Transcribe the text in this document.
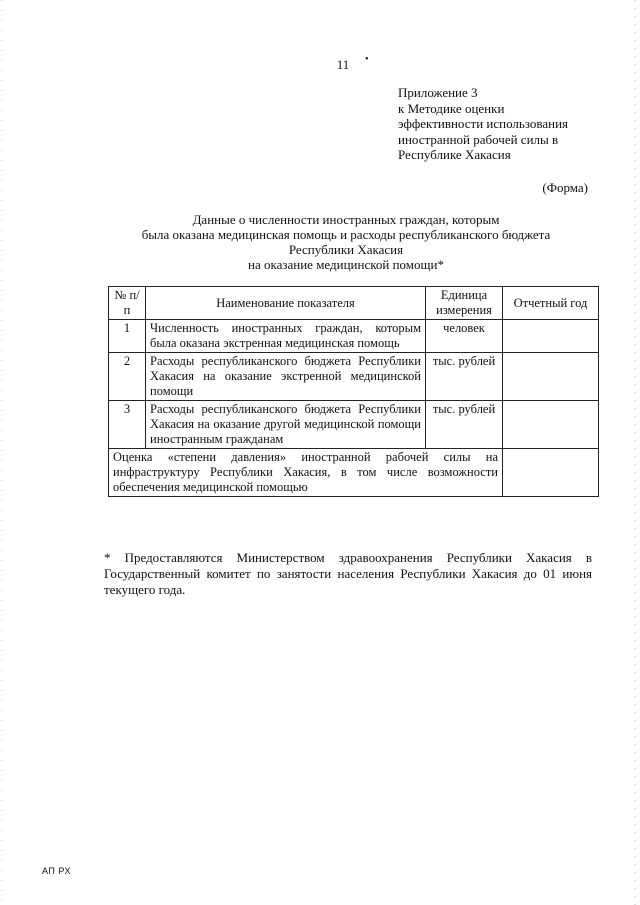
11	•
Приложение 3
к Методике оценки
эффективности использования
иностранной рабочей силы в
Республике Хакасия
(Форма)
Данные о численности иностранных граждан, которым
была оказана медицинская помощь и расходы республиканского бюджета
Республики Хакасия
на оказание медицинской помощи*
№ п/п	Наименование показателя	Единица измерения	Отчетный год
1	Численность иностранных граждан, которым была оказана экстренная медицинская помощь	человек	
2	Расходы республиканского бюджета Республики Хакасия на оказание экстренной медицинской помощи	тыс. рублей	
3	Расходы республиканского бюджета Республики Хакасия на оказание другой медицинской помощи иностранным гражданам	тыс. рублей	
Оценка «степени давления» иностранной рабочей силы на инфраструктуру Республики Хакасия, в том числе возможности обеспечения медицинской помощью			
* Предоставляются Министерством здравоохранения Республики Хакасия в Государственный комитет по занятости населения Республики Хакасия до 01 июня текущего года.
АП РХ
